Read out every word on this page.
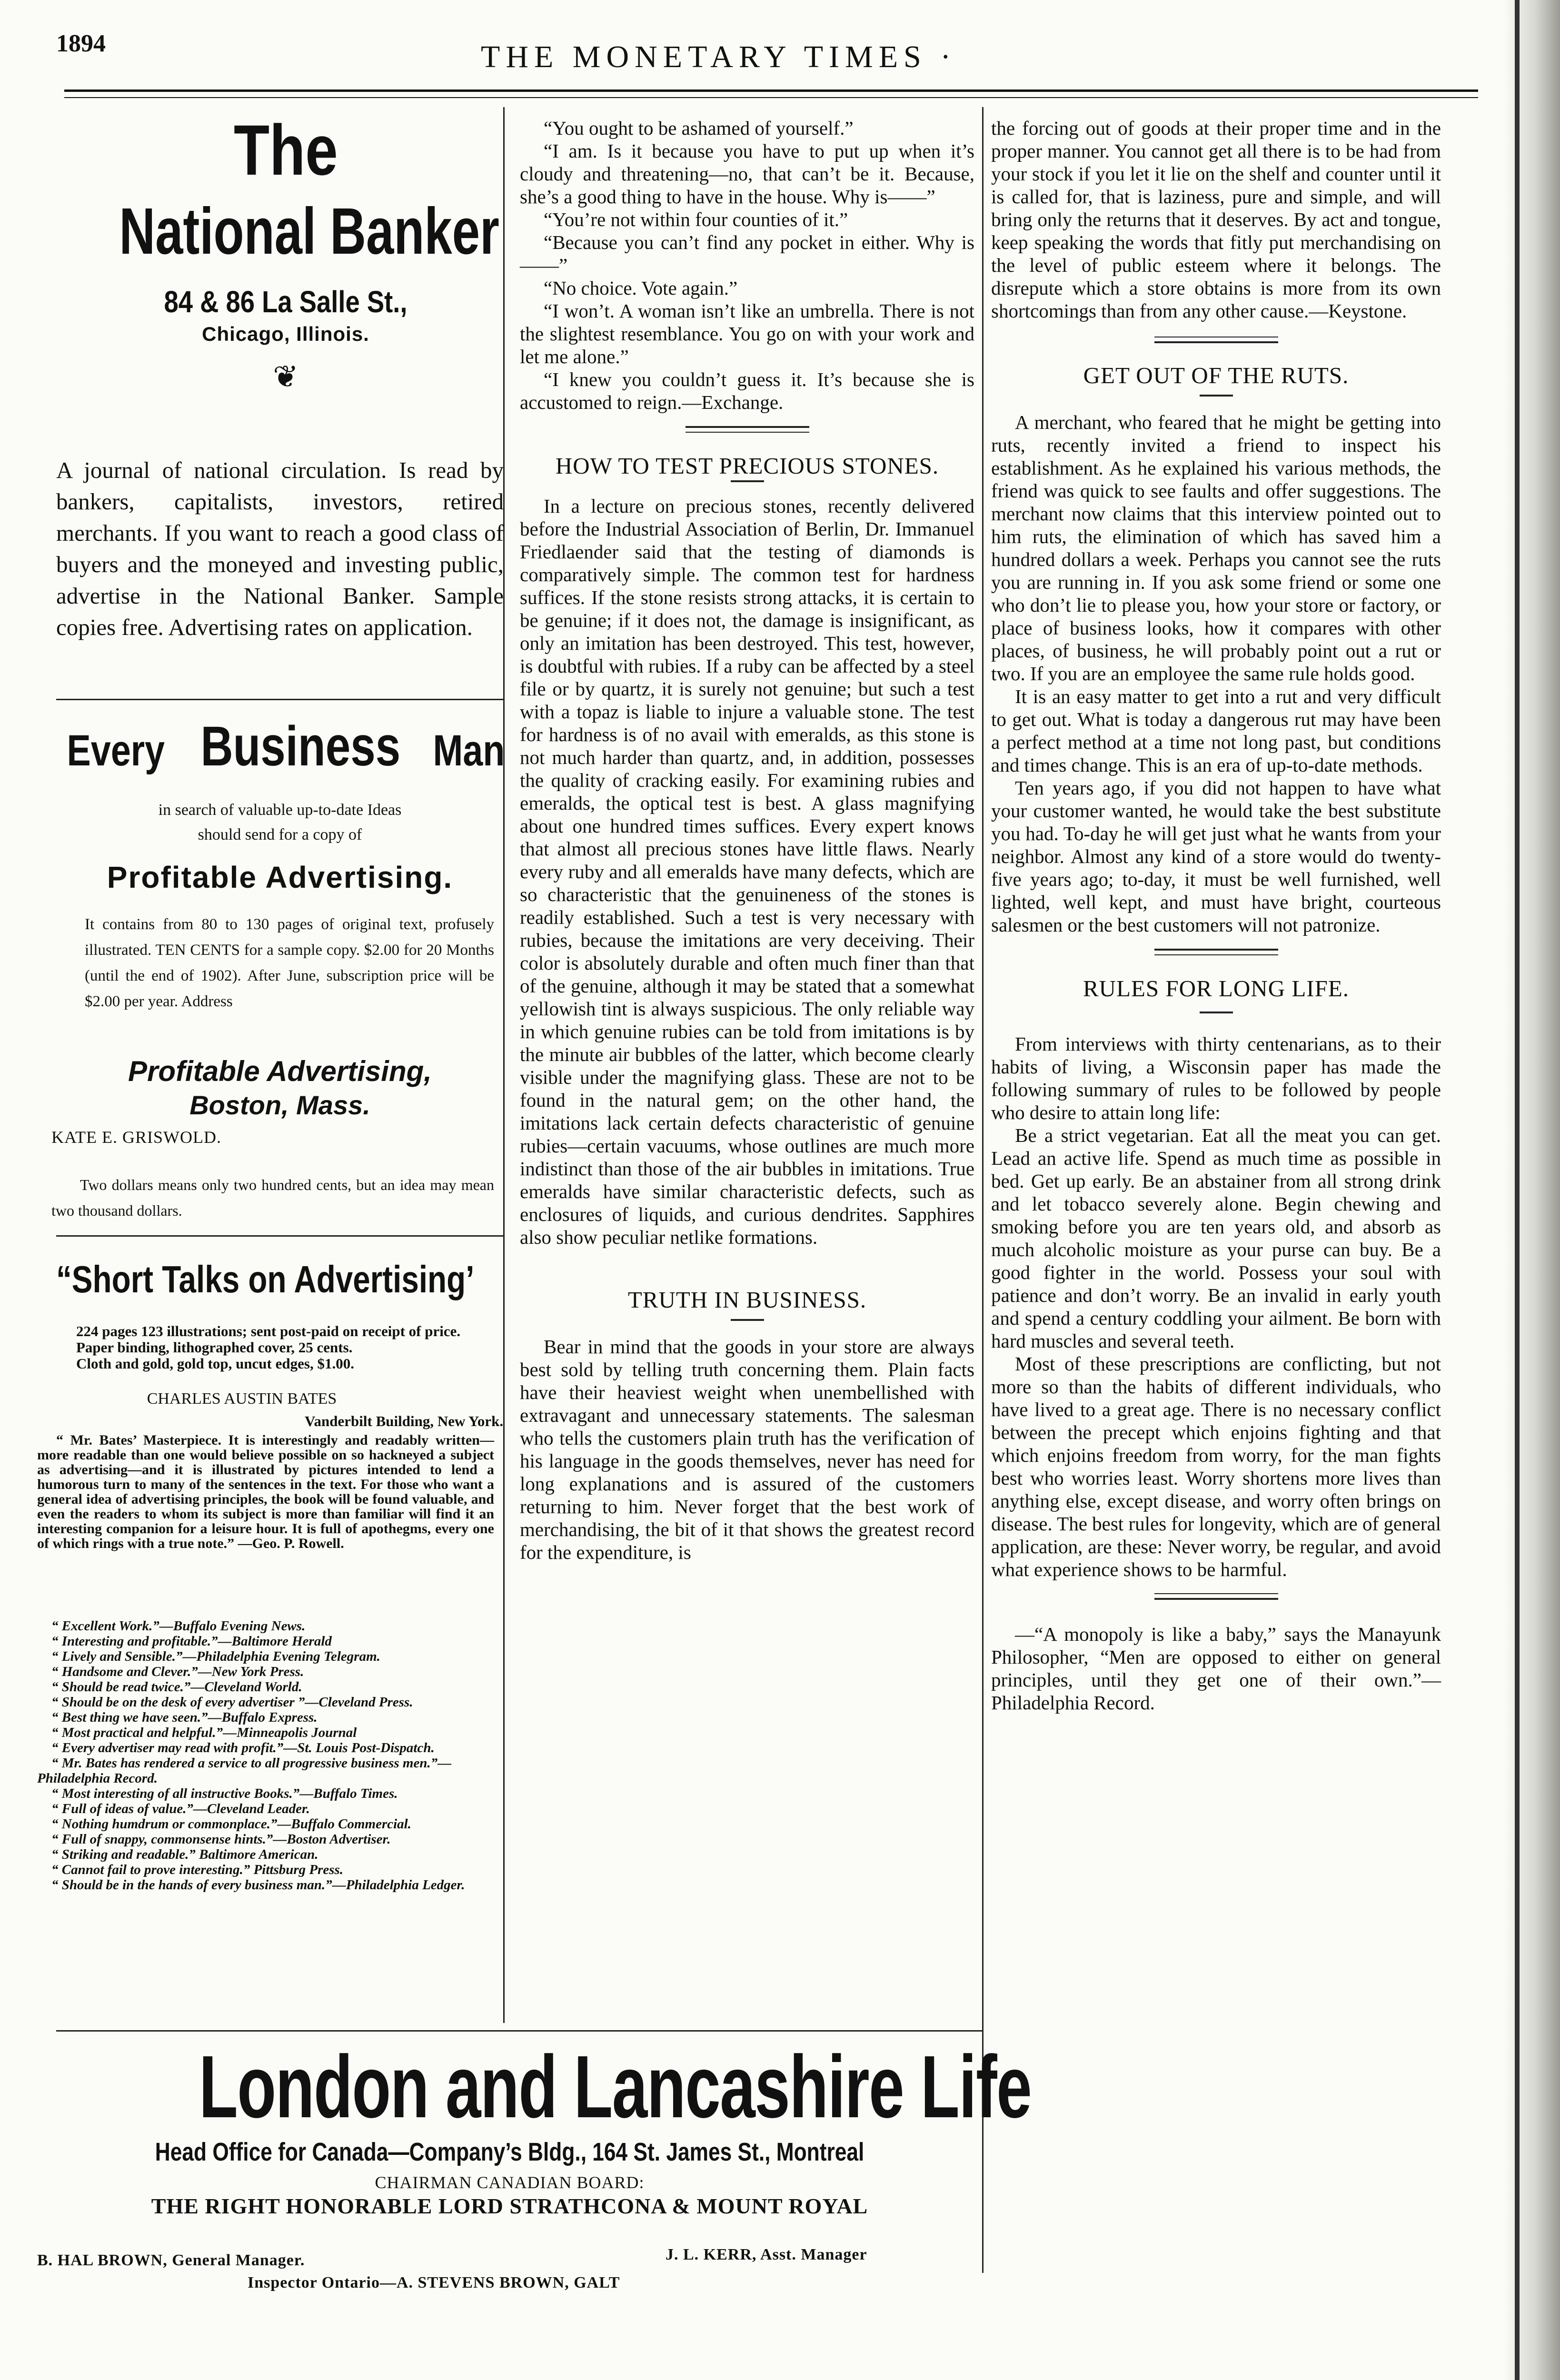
1894	THE MONETARY TIMES ·
The
National Banker
84 & 86 La Salle St.,
Chicago, Illinois.
❦
A journal of national circulation. Is read by bankers, capitalists, investors, retired merchants. If you want to reach a good class of buyers and the moneyed and investing public, advertise in the National Banker. Sample copies free. Advertising rates on application.
EveryBusinessMan
in search of valuable up-to-date Ideas
should send for a copy of
Profitable Advertising.
It contains from 80 to 130 pages of original text, profusely illustrated. TEN CENTS for a sample copy. $2.00 for 20 Months (until the end of 1902). After June, subscription price will be $2.00 per year. Address
Profitable Advertising,
Boston, Mass.
KATE E. GRISWOLD.
Two dollars means only two hundred cents, but an idea may mean two thousand dollars.
“Short Talks on Advertising’
224 pages 123 illustrations; sent post-paid on receipt of price.
Paper binding, lithographed cover, 25 cents.
Cloth and gold, gold top, uncut edges, $1.00.
CHARLES AUSTIN BATES
Vanderbilt Building, New York.
“ Mr. Bates’ Masterpiece. It is interestingly and readably written—more readable than one would believe possible on so hackneyed a subject as advertising—and it is illustrated by pictures intended to lend a humorous turn to many of the sentences in the text. For those who want a general idea of advertising principles, the book will be found valuable, and even the readers to whom its subject is more than familiar will find it an interesting companion for a leisure hour. It is full of apothegms, every one of which rings with a true note.” —Geo. P. Rowell.
“ Excellent Work.”—Buffalo Evening News.
“ Interesting and profitable.”—Baltimore Herald
“ Lively and Sensible.”—Philadelphia Evening Telegram.
“ Handsome and Clever.”—New York Press.
“ Should be read twice.”—Cleveland World.
“ Should be on the desk of every advertiser ”—Cleveland Press.
“ Best thing we have seen.”—Buffalo Express.
“ Most practical and helpful.”—Minneapolis Journal
“ Every advertiser may read with profit.”—St. Louis Post-Dispatch.
“ Mr. Bates has rendered a service to all progressive business men.”—Philadelphia Record.
“ Most interesting of all instructive Books.”—Buffalo Times.
“ Full of ideas of value.”—Cleveland Leader.
“ Nothing humdrum or commonplace.”—Buffalo Commercial.
“ Full of snappy, commonsense hints.”—Boston Advertiser.
“ Striking and readable.” Baltimore American.
“ Cannot fail to prove interesting.” Pittsburg Press.
“ Should be in the hands of every business man.”—Philadelphia Ledger.

“You ought to be ashamed of yourself.”

“I am. Is it because you have to put up when it’s cloudy and threatening—no, that can’t be it. Because, she’s a good thing to have in the house. Why is——”

“You’re not within four counties of it.”

“Because you can’t find any pocket in either. Why is——”

“No choice. Vote again.”

“I won’t. A woman isn’t like an umbrella. There is not the slightest resemblance. You go on with your work and let me alone.”

“I knew you couldn’t guess it. It’s because she is accustomed to reign.—Exchange.

HOW TO TEST PRECIOUS STONES.

In a lecture on precious stones, recently delivered before the Industrial Association of Berlin, Dr. Immanuel Friedlaender said that the testing of diamonds is comparatively simple. The common test for hardness suffices. If the stone resists strong attacks, it is certain to be genuine; if it does not, the damage is insignificant, as only an imitation has been destroyed. This test, however, is doubtful with rubies. If a ruby can be affected by a steel file or by quartz, it is surely not genuine; but such a test with a topaz is liable to injure a valuable stone. The test for hardness is of no avail with emeralds, as this stone is not much harder than quartz, and, in addition, possesses the quality of cracking easily. For examining rubies and emeralds, the optical test is best. A glass magnifying about one hundred times suffices. Every expert knows that almost all precious stones have little flaws. Nearly every ruby and all emeralds have many defects, which are so characteristic that the genuineness of the stones is readily established. Such a test is very necessary with rubies, because the imitations are very deceiving. Their color is absolutely durable and often much finer than that of the genuine, although it may be stated that a somewhat yellowish tint is always suspicious. The only reliable way in which genuine rubies can be told from imitations is by the minute air bubbles of the latter, which become clearly visible under the magnifying glass. These are not to be found in the natural gem; on the other hand, the imitations lack certain defects characteristic of genuine rubies—certain vacuums, whose outlines are much more indistinct than those of the air bubbles in imitations. True emeralds have similar characteristic defects, such as enclosures of liquids, and curious dendrites. Sapphires also show peculiar netlike formations.

TRUTH IN BUSINESS.

Bear in mind that the goods in your store are always best sold by telling truth concerning them. Plain facts have their heaviest weight when unembellished with extravagant and unnecessary statements. The salesman who tells the customers plain truth has the verification of his language in the goods themselves, never has need for long explanations and is assured of the customers returning to him. Never forget that the best work of merchandising, the bit of it that shows the greatest record for the expenditure, is

the forcing out of goods at their proper time and in the proper manner. You cannot get all there is to be had from your stock if you let it lie on the shelf and counter until it is called for, that is laziness, pure and simple, and will bring only the returns that it deserves. By act and tongue, keep speaking the words that fitly put merchandising on the level of public esteem where it belongs. The disrepute which a store obtains is more from its own shortcomings than from any other cause.—Keystone.

GET OUT OF THE RUTS.

A merchant, who feared that he might be getting into ruts, recently invited a friend to inspect his establishment. As he explained his various methods, the friend was quick to see faults and offer suggestions. The merchant now claims that this interview pointed out to him ruts, the elimination of which has saved him a hundred dollars a week. Perhaps you cannot see the ruts you are running in. If you ask some friend or some one who don’t lie to please you, how your store or factory, or place of business looks, how it compares with other places, of business, he will probably point out a rut or two. If you are an employee the same rule holds good.

It is an easy matter to get into a rut and very difficult to get out. What is today a dangerous rut may have been a perfect method at a time not long past, but conditions and times change. This is an era of up-to-date methods.

Ten years ago, if you did not happen to have what your customer wanted, he would take the best substitute you had. To-day he will get just what he wants from your neighbor. Almost any kind of a store would do twenty-five years ago; to-day, it must be well furnished, well lighted, well kept, and must have bright, courteous salesmen or the best customers will not patronize.

RULES FOR LONG LIFE.

From interviews with thirty centenarians, as to their habits of living, a Wisconsin paper has made the following summary of rules to be followed by people who desire to attain long life:

Be a strict vegetarian. Eat all the meat you can get. Lead an active life. Spend as much time as possible in bed. Get up early. Be an abstainer from all strong drink and let tobacco severely alone. Begin chewing and smoking before you are ten years old, and absorb as much alcoholic moisture as your purse can buy. Be a good fighter in the world. Possess your soul with patience and don’t worry. Be an invalid in early youth and spend a century coddling your ailment. Be born with hard muscles and several teeth.

Most of these prescriptions are conflicting, but not more so than the habits of different individuals, who have lived to a great age. There is no necessary conflict between the precept which enjoins fighting and that which enjoins freedom from worry, for the man fights best who worries least. Worry shortens more lives than anything else, except disease, and worry often brings on disease. The best rules for longevity, which are of general application, are these: Never worry, be regular, and avoid what experience shows to be harmful.

—“A monopoly is like a baby,” says the Manayunk Philosopher, “Men are opposed to either on general principles, until they get one of their own.”—Philadelphia Record.

London and Lancashire Life
Head Office for Canada—Company’s Bldg., 164 St. James St., Montreal
CHAIRMAN CANADIAN BOARD:
THE RIGHT HONORABLE LORD STRATHCONA & MOUNT ROYAL
B. HAL BROWN, General Manager.	J. L. KERR, Asst. Manager
Inspector Ontario—A. STEVENS BROWN, GALT
